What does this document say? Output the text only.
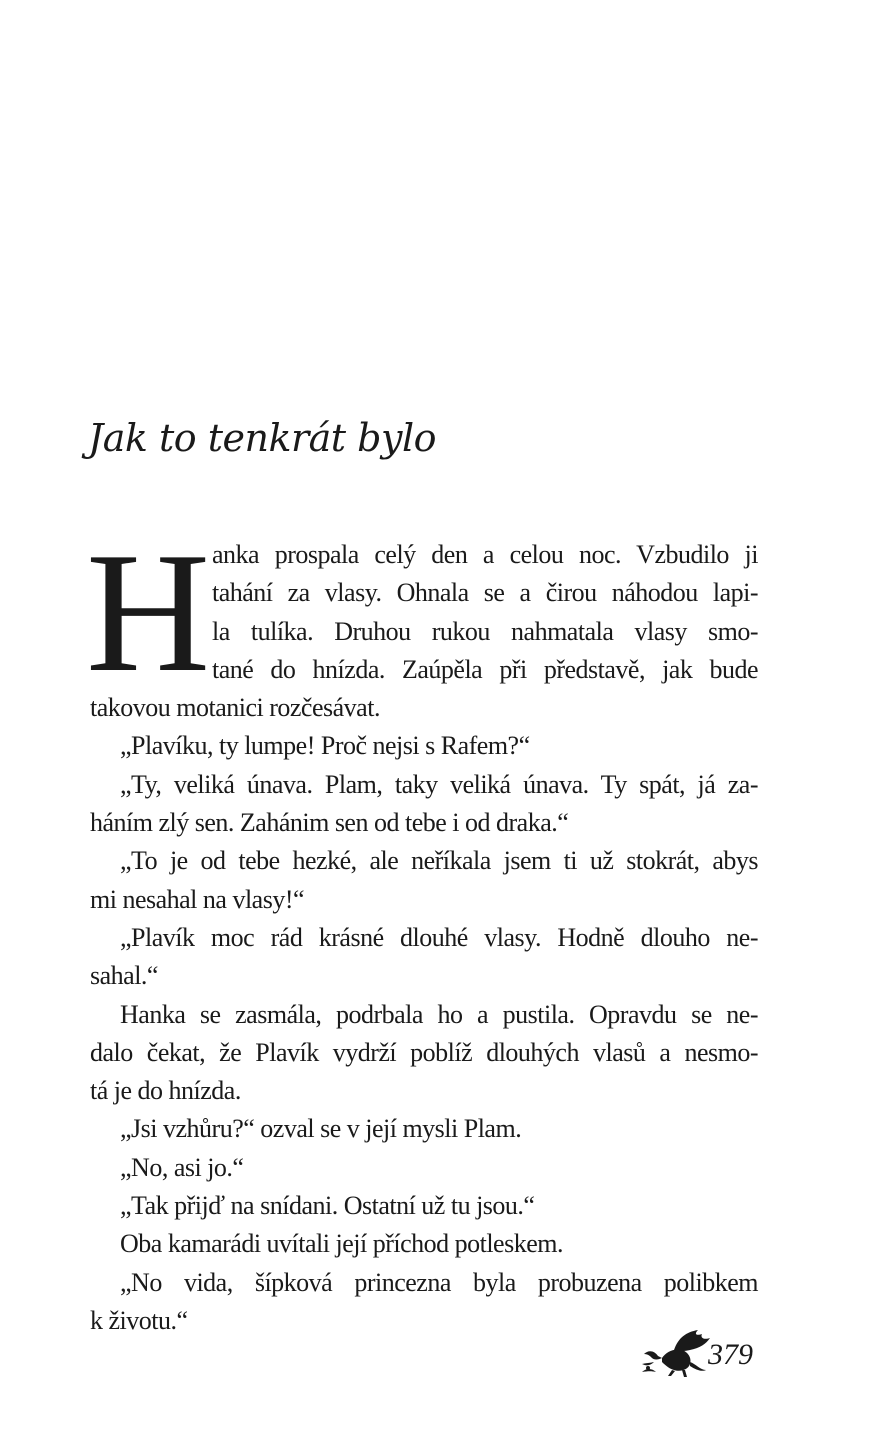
Jak to tenkrát bylo
H anka prospala celý den a celou noc. Vzbudilo ji
tahání za vlasy. Ohnala se a čirou náhodou lapi-
la tulíka. Druhou rukou nahmatala vlasy smo-
tané do hnízda. Zaúpěla při představě, jak bude
takovou motanici rozčesávat.
„Plavíku, ty lumpe! Proč nejsi s Rafem?“
„Ty, veliká únava. Plam, taky veliká únava. Ty spát, já za-
háním zlý sen. Zahánim sen od tebe i od draka.“
„To je od tebe hezké, ale neříkala jsem ti už stokrát, abys
mi nesahal na vlasy!“
„Plavík moc rád krásné dlouhé vlasy. Hodně dlouho ne-
sahal.“
Hanka se zasmála, podrbala ho a pustila. Opravdu se ne-
dalo čekat, že Plavík vydrží poblíž dlouhých vlasů a nesmo-
tá je do hnízda.
„Jsi vzhůru?“ ozval se v její mysli Plam.
„No, asi jo.“
„Tak přijď na snídani. Ostatní už tu jsou.“
Oba kamarádi uvítali její příchod potleskem.
„No vida, šípková princezna byla probuzena polibkem
k životu.“
379
